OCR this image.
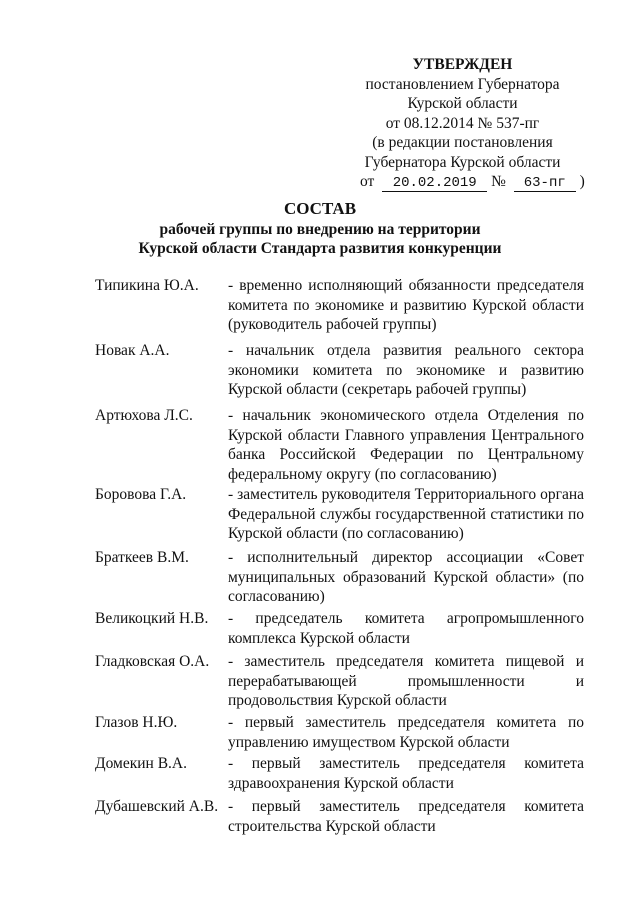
УТВЕРЖДЕН
постановлением Губернатора
Курской области
от 08.12.2014 № 537-пг
(в редакции постановления
Губернатора Курской области
от 20.02.2019 № 63-пг )
СОСТАВ
рабочей группы по внедрению на территории
Курской области Стандарта развития конкуренции
Типикина Ю.А.	- временно исполняющий обязанности председателя комитета по экономике и развитию Курской области (руководитель рабочей группы)
Новак А.А.	- начальник отдела развития реального сектора экономики комитета по экономике и развитию Курской области (секретарь рабочей группы)
Артюхова Л.С.	- начальник экономического отдела Отделения по Курской области Главного управления Центрального банка Российской Федерации по Центральному федеральному округу (по согласованию)
Боровова Г.А.	- заместитель руководителя Территориального органа Федеральной службы государственной статистики по Курской области (по согласованию)
Браткеев В.М.	- исполнительный директор ассоциации «Совет муниципальных образований Курской области» (по согласованию)
Великоцкий Н.В.	- председатель комитета агропромышленного комплекса Курской области
Гладковская О.А.	- заместитель председателя комитета пищевой и перерабатывающей промышленности и продовольствия Курской области
Глазов Н.Ю.	- первый заместитель председателя комитета по управлению имуществом Курской области
Домекин В.А.	- первый заместитель председателя комитета здравоохранения Курской области
Дубашевский А.В. - первый заместитель председателя комитета строительства Курской области
